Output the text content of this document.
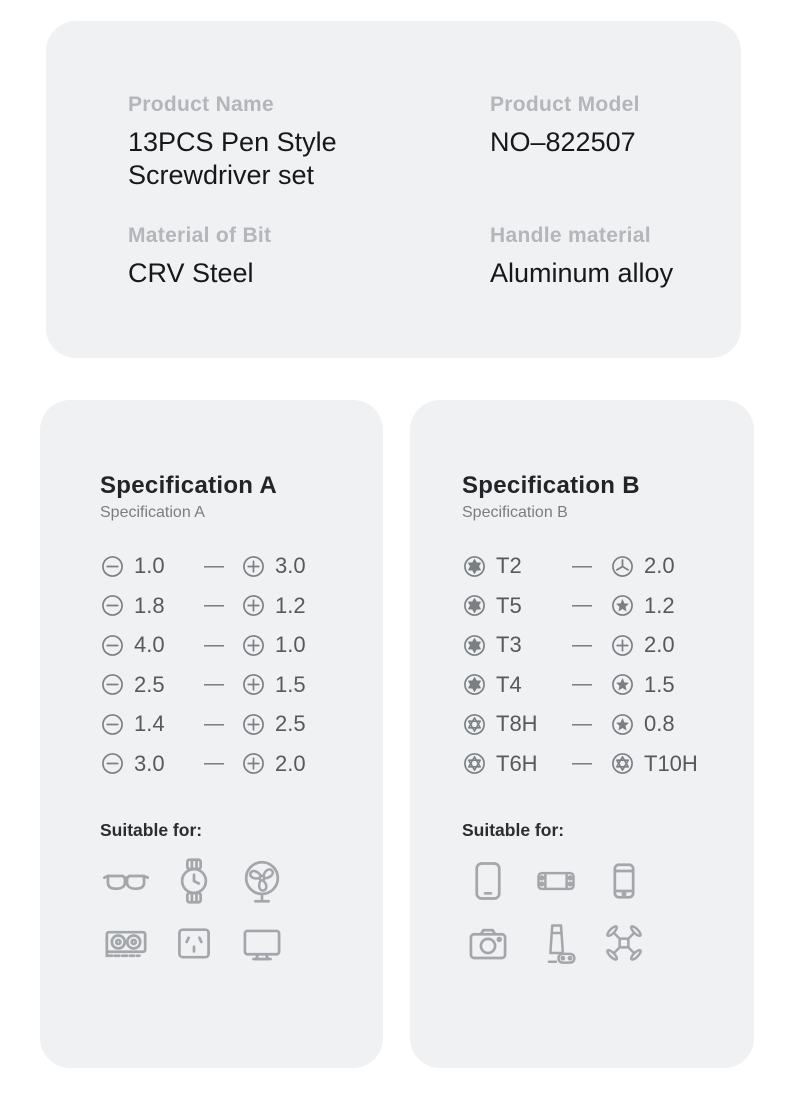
Product Name
13PCS Pen Style Screwdriver set
Product Model
NO–822507
Material of Bit
CRV Steel
Handle material
Aluminum alloy
Specification A
Specification A
1.0	—	3.0
1.8	—	1.2
4.0	—	1.0
2.5	—	1.5
1.4	—	2.5
3.0	—	2.0
Suitable for:
Specification B
Specification B
T2	—	2.0
T5	—	1.2
T3	—	2.0
T4	—	1.5
T8H	—	0.8
T6H	—	T10H
Suitable for:
